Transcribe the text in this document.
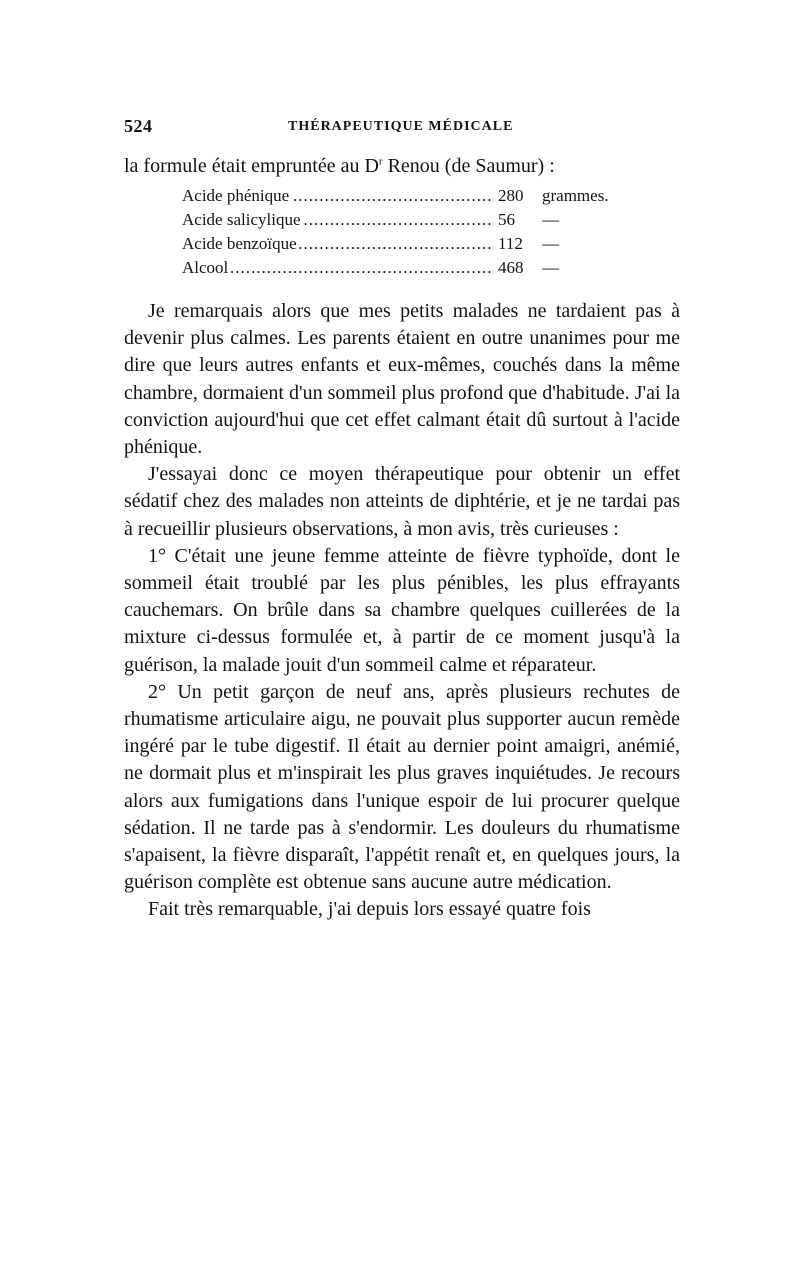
524	THÉRAPEUTIQUE MÉDICALE

la formule était empruntée au $D^r$ Renou (de Saumur) :

Acide phénique .....	280	grammes.
Acide salicylique .....	56	—
Acide benzoïque .....	112	—
Alcool .....	468	—

Je remarquais alors que mes petits malades ne tardaient pas à devenir plus calmes. Les parents étaient en outre unanimes pour me dire que leurs autres enfants et eux-mêmes, couchés dans la même chambre, dormaient d'un sommeil plus profond que d'habitude. J'ai la conviction aujourd'hui que cet effet calmant était dû surtout à l'acide phénique.

J'essayai donc ce moyen thérapeutique pour obtenir un effet sédatif chez des malades non atteints de diphtérie, et je ne tardai pas à recueillir plusieurs observations, à mon avis, très curieuses :

1° C'était une jeune femme atteinte de fièvre typhoïde, dont le sommeil était troublé par les plus pénibles, les plus effrayants cauchemars. On brûle dans sa chambre quelques cuillerées de la mixture ci-dessus formulée et, à partir de ce moment jusqu'à la guérison, la malade jouit d'un sommeil calme et réparateur.

2° Un petit garçon de neuf ans, après plusieurs rechutes de rhumatisme articulaire aigu, ne pouvait plus supporter aucun remède ingéré par le tube digestif. Il était au dernier point amaigri, anémié, ne dormait plus et m'inspirait les plus graves inquiétudes. Je recours alors aux fumigations dans l'unique espoir de lui procurer quelque sédation. Il ne tarde pas à s'endormir. Les douleurs du rhumatisme s'apaisent, la fièvre disparaît, l'appétit renaît et, en quelques jours, la guérison complète est obtenue sans aucune autre médication.

Fait très remarquable, j'ai depuis lors essayé quatre fois
